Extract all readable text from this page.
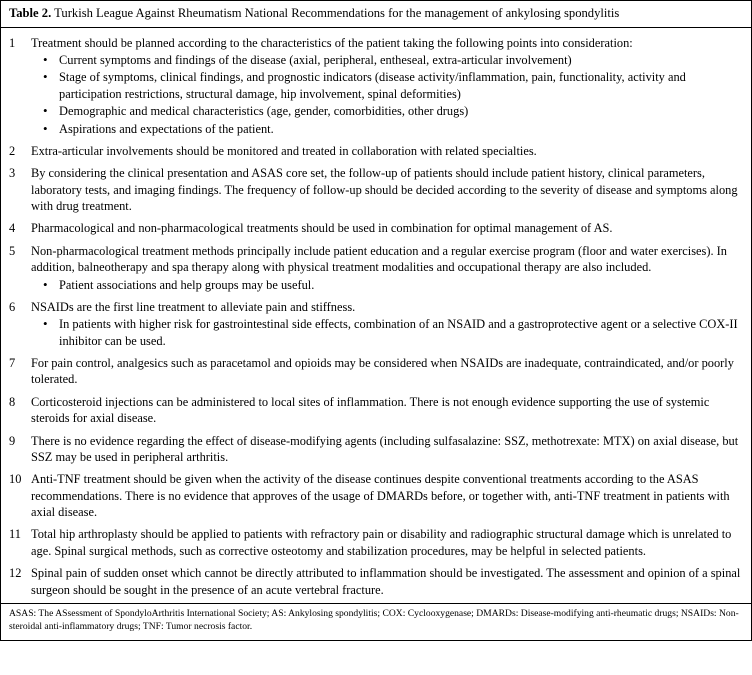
Table 2. Turkish League Against Rheumatism National Recommendations for the management of ankylosing spondylitis
1	Treatment should be planned according to the characteristics of the patient taking the following points into consideration:

• Current symptoms and findings of the disease (axial, peripheral, entheseal, extra-articular involvement)
• Stage of symptoms, clinical findings, and prognostic indicators (disease activity/inflammation, pain, functionality, activity and participation restrictions, structural damage, hip involvement, spinal deformities)
• Demographic and medical characteristics (age, gender, comorbidities, other drugs)
• Aspirations and expectations of the patient.
2	Extra-articular involvements should be monitored and treated in collaboration with related specialties.

3	By considering the clinical presentation and ASAS core set, the follow-up of patients should include patient history, clinical parameters, laboratory tests, and imaging findings. The frequency of follow-up should be decided according to the severity of disease and symptoms along with drug treatment.

4	Pharmacological and non-pharmacological treatments should be used in combination for optimal management of AS.

5	Non-pharmacological treatment methods principally include patient education and a regular exercise program (floor and water exercises). In addition, balneotherapy and spa therapy along with physical treatment modalities and occupational therapy are also included.

• Patient associations and help groups may be useful.
6	NSAIDs are the first line treatment to alleviate pain and stiffness.

• In patients with higher risk for gastrointestinal side effects, combination of an NSAID and a gastroprotective agent or a selective COX-II inhibitor can be used.
7	For pain control, analgesics such as paracetamol and opioids may be considered when NSAIDs are inadequate, contraindicated, and/or poorly tolerated.

8	Corticosteroid injections can be administered to local sites of inflammation. There is not enough evidence supporting the use of systemic steroids for axial disease.

9	There is no evidence regarding the effect of disease-modifying agents (including sulfasalazine: SSZ, methotrexate: MTX) on axial disease, but SSZ may be used in peripheral arthritis.

10 Anti-TNF treatment should be given when the activity of the disease continues despite conventional treatments according to the ASAS recommendations. There is no evidence that approves of the usage of DMARDs before, or together with, anti-TNF treatment in patients with axial disease.

11 Total hip arthroplasty should be applied to patients with refractory pain or disability and radiographic structural damage which is unrelated to age. Spinal surgical methods, such as corrective osteotomy and stabilization procedures, may be helpful in selected patients.

12 Spinal pain of sudden onset which cannot be directly attributed to inflammation should be investigated. The assessment and opinion of a spinal surgeon should be sought in the presence of an acute vertebral fracture.

ASAS: The ASsessment of SpondyloArthritis International Society; AS: Ankylosing spondylitis; COX: Cyclooxygenase; DMARDs: Disease-modifying anti-rheumatic drugs; NSAIDs: Non-steroidal anti-inflammatory drugs; TNF: Tumor necrosis factor.
